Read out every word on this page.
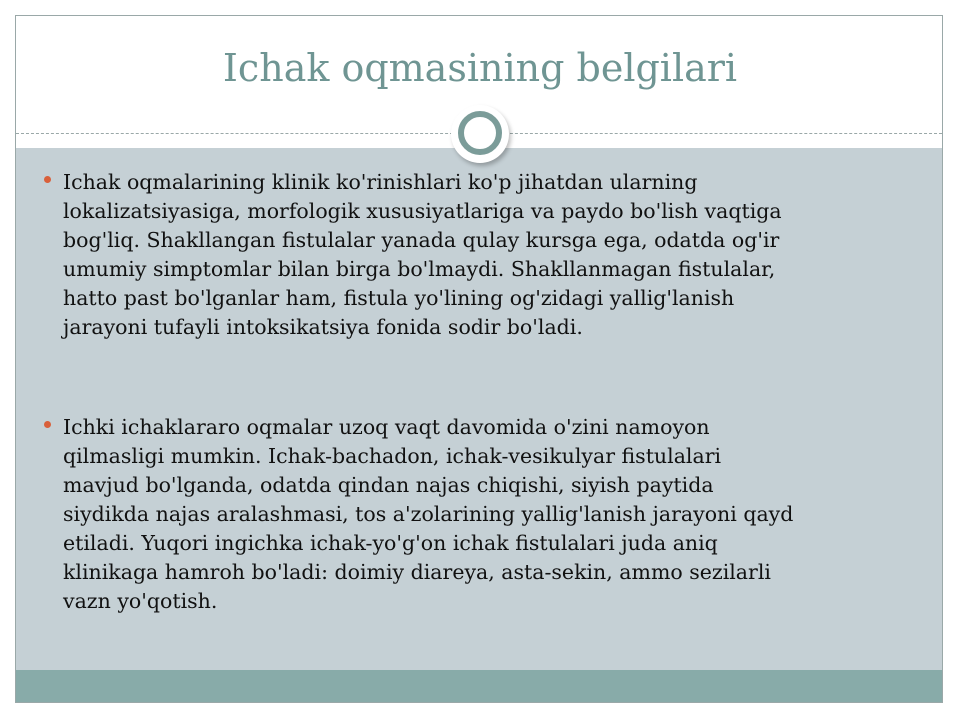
Ichak oqmasining belgilari
Ichak oqmalarining klinik ko'rinishlari ko'p jihatdan ularning
lokalizatsiyasiga, morfologik xususiyatlariga va paydo bo'lish vaqtiga
bog'liq. Shakllangan fistulalar yanada qulay kursga ega, odatda og'ir
umumiy simptomlar bilan birga bo'lmaydi. Shakllanmagan fistulalar,
hatto past bo'lganlar ham, fistula yo'lining og'zidagi yallig'lanish
jarayoni tufayli intoksikatsiya fonida sodir bo'ladi.
Ichki ichaklararo oqmalar uzoq vaqt davomida o'zini namoyon
qilmasligi mumkin. Ichak-bachadon, ichak-vesikulyar fistulalari
mavjud bo'lganda, odatda qindan najas chiqishi, siyish paytida
siydikda najas aralashmasi, tos a'zolarining yallig'lanish jarayoni qayd
etiladi. Yuqori ingichka ichak-yo'g'on ichak fistulalari juda aniq
klinikaga hamroh bo'ladi: doimiy diareya, asta-sekin, ammo sezilarli
vazn yo'qotish.
